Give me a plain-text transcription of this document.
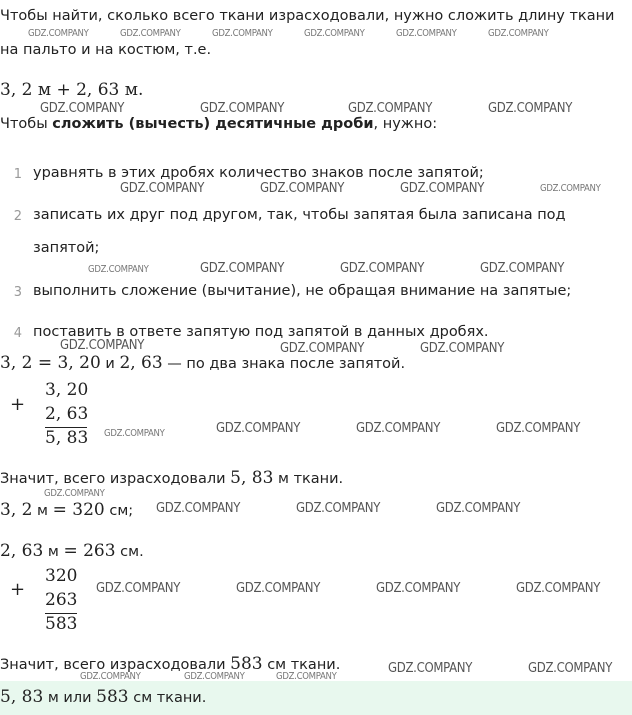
Чтобы найти, сколько всего ткани израсходовали, нужно сложить длину ткани
на пальто и на костюм, т.е.
3, 2 м + 2, 63 м.
Чтобы сложить (вычесть) десятичные дроби, нужно:
1 уравнять в этих дробях количество знаков после запятой;
2 записать их друг под другом, так, чтобы запятая была записана под
запятой;
3 выполнить сложение (вычитание), не обращая внимание на запятые;
4 поставить в ответе запятую под запятой в данных дробях.
3, 2 = 3, 20 и 2, 63 — по два знака после запятой.
+
3, 20
2, 63
5, 83
Значит, всего израсходовали 5, 83 м ткани.
3, 2 м = 320 см;
2, 63 м = 263 см.
+
320
263
583
Значит, всего израсходовали 583 см ткани.
5, 83 м или 583 см ткани.
GDZ.COMPANY	GDZ.COMPANY	GDZ.COMPANY	GDZ.COMPANY	GDZ.COMPANY	GDZ.COMPANY
GDZ.COMPANY	GDZ.COMPANY	GDZ.COMPANY	GDZ.COMPANY
GDZ.COMPANY	GDZ.COMPANY	GDZ.COMPANY	GDZ.COMPANY
GDZ.COMPANY	GDZ.COMPANY	GDZ.COMPANY	GDZ.COMPANY
GDZ.COMPANY	GDZ.COMPANY	GDZ.COMPANY
GDZ.COMPANY	GDZ.COMPANY	GDZ.COMPANY	GDZ.COMPANY
GDZ.COMPANY
GDZ.COMPANY	GDZ.COMPANY	GDZ.COMPANY
GDZ.COMPANY	GDZ.COMPANY	GDZ.COMPANY	GDZ.COMPANY
GDZ.COMPANY	GDZ.COMPANY	GDZ.COMPANY
GDZ.COMPANY	GDZ.COMPANY
